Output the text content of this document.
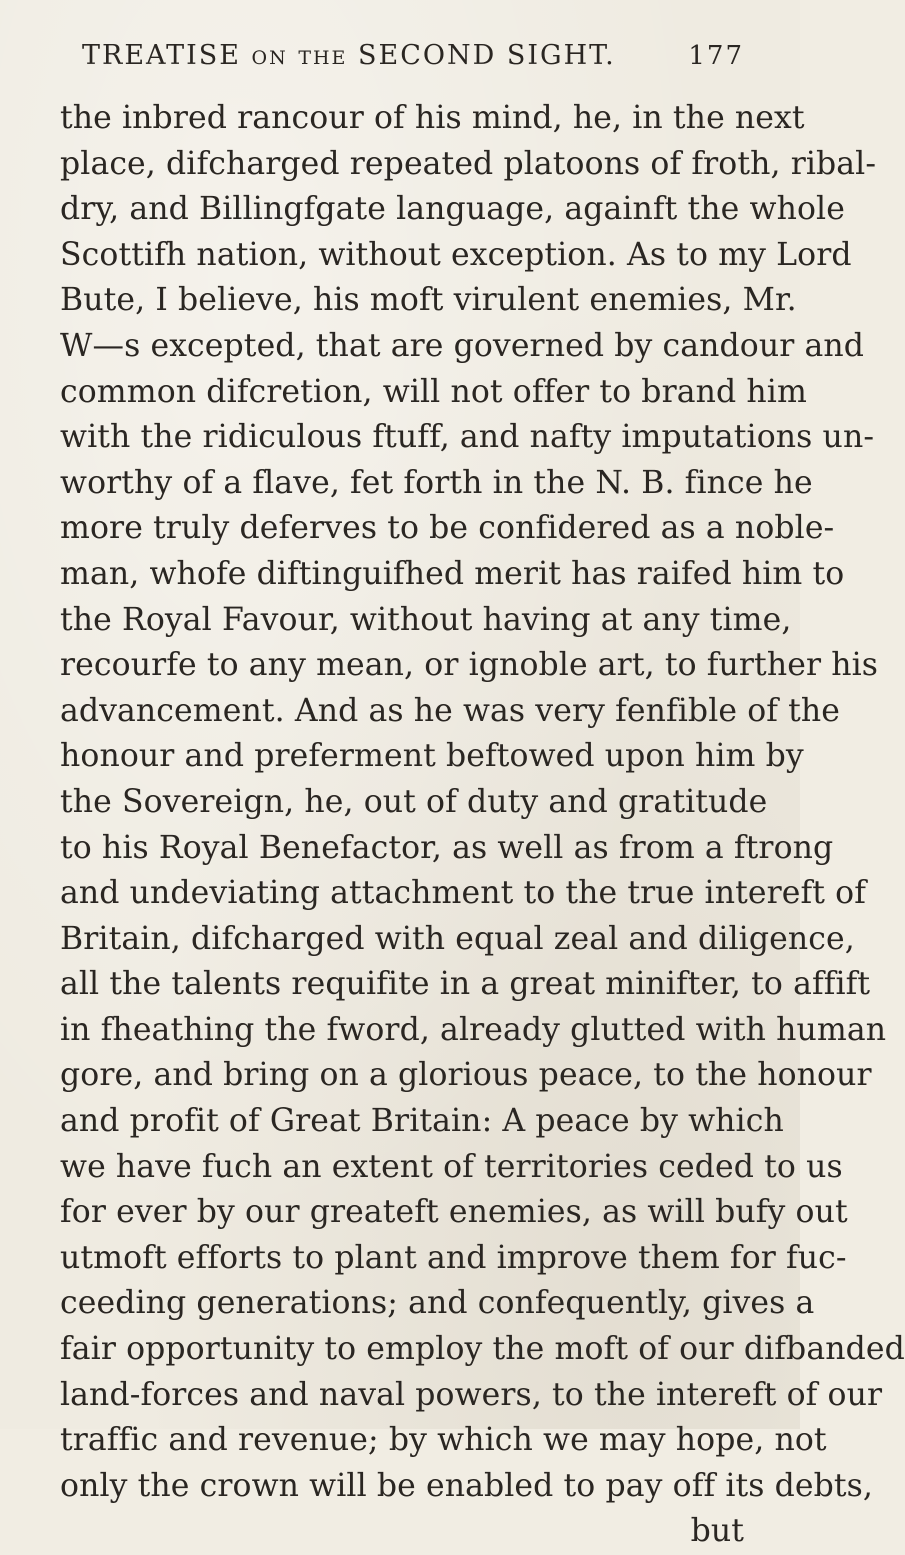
TREATISE on the SECOND SIGHT.	177
the inbred rancour of his mind, he, in the next
place, difcharged repeated platoons of froth, ribal-
dry, and Billingfgate language, againft the whole
Scottifh nation, without exception. As to my Lord
Bute, I believe, his moft virulent enemies, Mr.
W—s excepted, that are governed by candour and
common difcretion, will not offer to brand him
with the ridiculous ftuff, and nafty imputations un-
worthy of a flave, fet forth in the N. B. fince he
more truly deferves to be confidered as a noble-
man, whofe diftinguifhed merit has raifed him to
the Royal Favour, without having at any time,
recourfe to any mean, or ignoble art, to further his
advancement. And as he was very fenfible of the
honour and preferment beftowed upon him by
the Sovereign, he, out of duty and gratitude
to his Royal Benefactor, as well as from a ftrong
and undeviating attachment to the true intereft of
Britain, difcharged with equal zeal and diligence,
all the talents requifite in a great minifter, to affift
in fheathing the fword, already glutted with human
gore, and bring on a glorious peace, to the honour
and profit of Great Britain: A peace by which
we have fuch an extent of territories ceded to us
for ever by our greateft enemies, as will bufy out
utmoft efforts to plant and improve them for fuc-
ceeding generations; and confequently, gives a
fair opportunity to employ the moft of our difbanded
land-forces and naval powers, to the intereft of our
traffic and revenue; by which we may hope, not
only the crown will be enabled to pay off its debts,
but
